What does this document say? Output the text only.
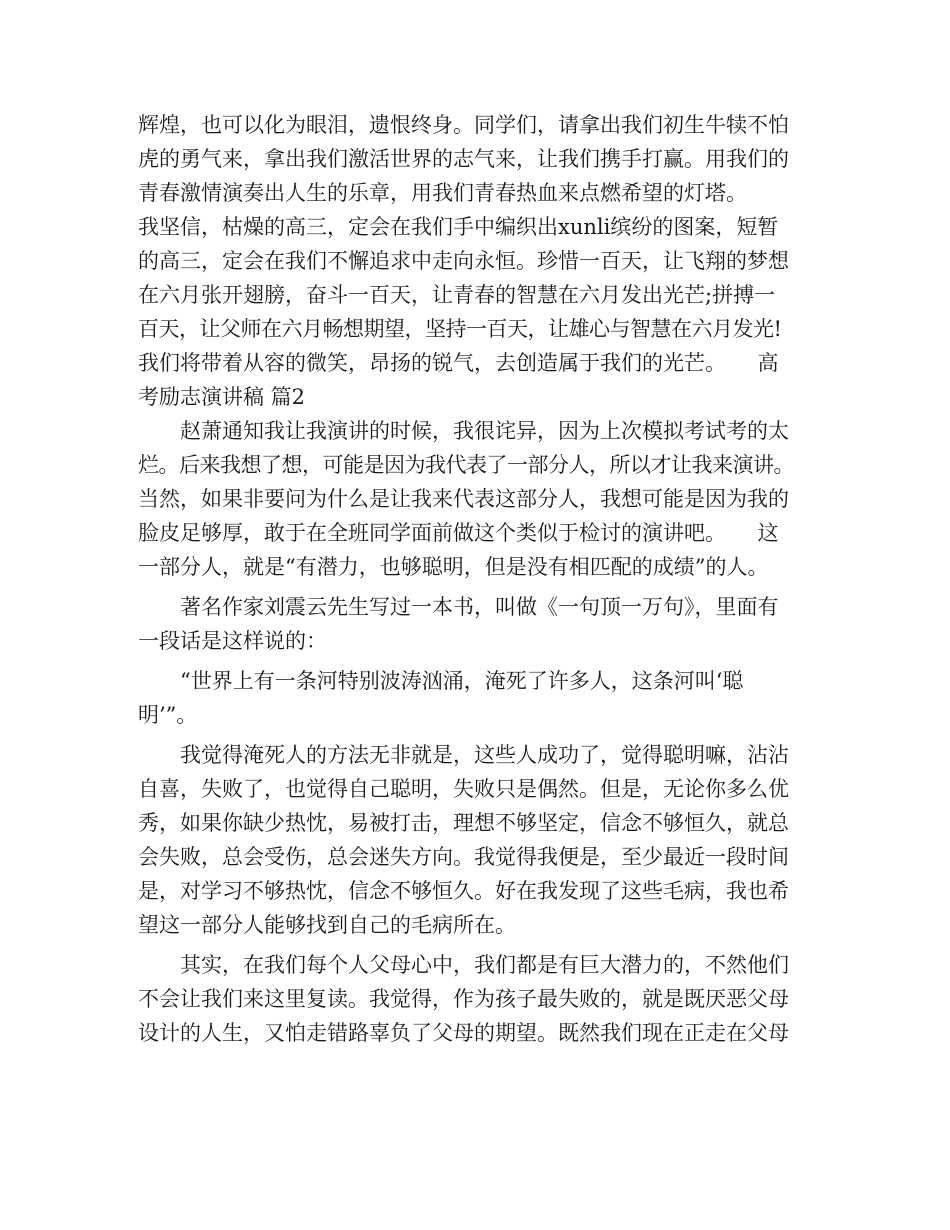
辉煌，也可以化为眼泪，遗恨终身。同学们，请拿出我们初生牛犊不怕
虎的勇气来，拿出我们激活世界的志气来，让我们携手打赢。用我们的
青春激情演奏出人生的乐章，用我们青春热血来点燃希望的灯塔。
我坚信，枯燥的高三，定会在我们手中编织出xunli缤纷的图案，短暂
的高三，定会在我们不懈追求中走向永恒。珍惜一百天，让飞翔的梦想
在六月张开翅膀，奋斗一百天，让青春的智慧在六月发出光芒;拼搏一
百天，让父师在六月畅想期望，坚持一百天，让雄心与智慧在六月发光!
我们将带着从容的微笑，昂扬的锐气，去创造属于我们的光芒。　　高
考励志演讲稿 篇2
赵萧通知我让我演讲的时候，我很诧异，因为上次模拟考试考的太
烂。后来我想了想，可能是因为我代表了一部分人，所以才让我来演讲。
当然，如果非要问为什么是让我来代表这部分人，我想可能是因为我的
脸皮足够厚，敢于在全班同学面前做这个类似于检讨的演讲吧。　　这
一部分人，就是“有潜力，也够聪明，但是没有相匹配的成绩”的人。
著名作家刘震云先生写过一本书，叫做《一句顶一万句》，里面有
一段话是这样说的：
“世界上有一条河特别波涛汹涌，淹死了许多人，这条河叫‘聪
明’”。
我觉得淹死人的方法无非就是，这些人成功了，觉得聪明嘛，沾沾
自喜，失败了，也觉得自己聪明，失败只是偶然。但是，无论你多么优
秀，如果你缺少热忱，易被打击，理想不够坚定，信念不够恒久，就总
会失败，总会受伤，总会迷失方向。我觉得我便是，至少最近一段时间
是，对学习不够热忱，信念不够恒久。好在我发现了这些毛病，我也希
望这一部分人能够找到自己的毛病所在。
其实，在我们每个人父母心中，我们都是有巨大潜力的，不然他们
不会让我们来这里复读。我觉得，作为孩子最失败的，就是既厌恶父母
设计的人生，又怕走错路辜负了父母的期望。既然我们现在正走在父母
